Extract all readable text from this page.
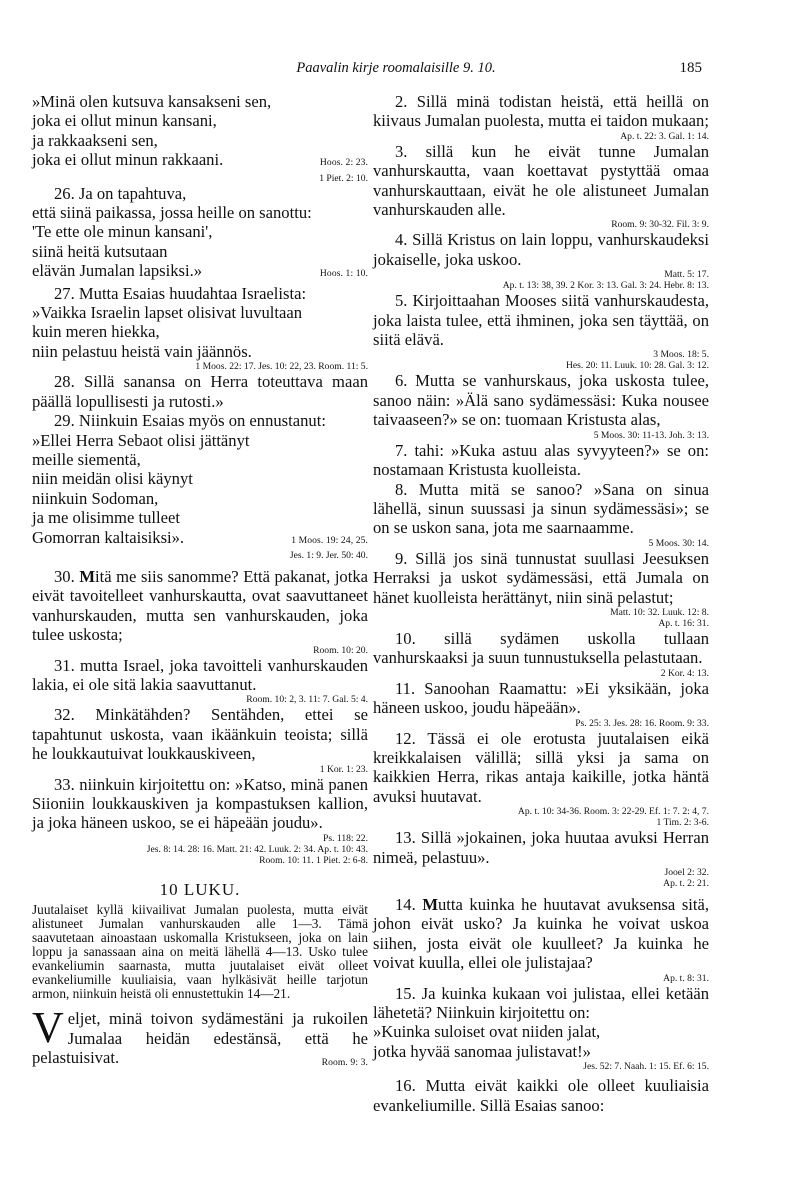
Paavalin kirje roomalaisille 9. 10.	185

»Minä olen kutsuva kansakseni sen,

joka ei ollut minun kansani,

ja rakkaakseni sen,

joka ei ollut minun rakkaani.	Hoos. 2: 23.

1 Piet. 2: 10.

26. Ja on tapahtuva,

että siinä paikassa, jossa heille on sanottu:

'Te ette ole minun kansani',

siinä heitä kutsutaan

elävän Jumalan lapsiksi.»	Hoos. 1: 10.

27. Mutta Esaias huudahtaa Israelista:

»Vaikka Israelin lapset olisivat luvultaan

kuin meren hiekka,

niin pelastuu heistä vain jäännös.

1 Moos. 22: 17. Jes. 10: 22, 23. Room. 11: 5.

28. Sillä sanansa on Herra toteuttava maan päällä lopullisesti ja rutosti.»

29. Niinkuin Esaias myös on ennustanut:

»Ellei Herra Sebaot olisi jättänyt

meille siementä,

niin meidän olisi käynyt

niinkuin Sodoman,

ja me olisimme tulleet

Gomorran kaltaisiksi».	1 Moos. 19: 24, 25.

Jes. 1: 9. Jer. 50: 40.

30. Mitä me siis sanomme? Että pakanat, jotka eivät tavoitelleet vanhurskautta, ovat saavuttaneet vanhurskauden, mutta sen vanhurskauden, joka tulee uskosta;

Room. 10: 20.

31. mutta Israel, joka tavoitteli vanhurskauden lakia, ei ole sitä lakia saavuttanut.

Room. 10: 2, 3. 11: 7. Gal. 5: 4.

32. Minkätähden? Sentähden, ettei se tapahtunut uskosta, vaan ikäänkuin teoista; sillä he loukkautuivat loukkauskiveen,

1 Kor. 1: 23.

33. niinkuin kirjoitettu on: »Katso, minä panen Siioniin loukkauskiven ja kompastuksen kallion, ja joka häneen uskoo, se ei häpeään joudu».

Ps. 118: 22.

Jes. 8: 14. 28: 16. Matt. 21: 42. Luuk. 2: 34. Ap. t. 10: 43.

Room. 10: 11. 1 Piet. 2: 6-8.

10 LUKU.

Juutalaiset kyllä kiivailivat Jumalan puolesta, mutta eivät alistuneet Jumalan vanhurskauden alle 1—3. Tämä saavutetaan ainoastaan uskomalla Kristukseen, joka on lain loppu ja sanassaan aina on meitä lähellä 4—13. Usko tulee evankeliumin saarnasta, mutta juutalaiset eivät olleet evankeliumille kuuliaisia, vaan hylkäsivät heille tarjotun armon, niinkuin heistä oli ennustettukin 14—21.

Veljet, minä toivon sydämestäni ja rukoilen Jumalaa heidän edestänsä, että he pelastuisivat.	Room. 9: 3.

2. Sillä minä todistan heistä, että heillä on kiivaus Jumalan puolesta, mutta ei taidon mukaan;

Ap. t. 22: 3. Gal. 1: 14.

3. sillä kun he eivät tunne Jumalan vanhurskautta, vaan koettavat pystyttää omaa vanhurskauttaan, eivät he ole alistuneet Jumalan vanhurskauden alle.

Room. 9: 30-32. Fil. 3: 9.

4. Sillä Kristus on lain loppu, vanhurskaudeksi jokaiselle, joka uskoo.

Matt. 5: 17.

Ap. t. 13: 38, 39. 2 Kor. 3: 13. Gal. 3: 24. Hebr. 8: 13.

5. Kirjoittaahan Mooses siitä vanhurskaudesta, joka laista tulee, että ihminen, joka sen täyttää, on siitä elävä.

3 Moos. 18: 5.

Hes. 20: 11. Luuk. 10: 28. Gal. 3: 12.

6. Mutta se vanhurskaus, joka uskosta tulee, sanoo näin: »Älä sano sydämessäsi: Kuka nousee taivaaseen?» se on: tuomaan Kristusta alas,

5 Moos. 30: 11-13. Joh. 3: 13.

7. tahi: »Kuka astuu alas syvyyteen?» se on: nostamaan Kristusta kuolleista.

8. Mutta mitä se sanoo? »Sana on sinua lähellä, sinun suussasi ja sinun sydämessäsi»; se on se uskon sana, jota me saarnaamme.

5 Moos. 30: 14.

9. Sillä jos sinä tunnustat suullasi Jeesuksen Herraksi ja uskot sydämessäsi, että Jumala on hänet kuolleista herättänyt, niin sinä pelastut;

Matt. 10: 32. Luuk. 12: 8.

Ap. t. 16: 31.

10. sillä sydämen uskolla tullaan vanhurskaaksi ja suun tunnustuksella pelastutaan.

2 Kor. 4: 13.

11. Sanoohan Raamattu: »Ei yksikään, joka häneen uskoo, joudu häpeään».

Ps. 25: 3. Jes. 28: 16. Room. 9: 33.

12. Tässä ei ole erotusta juutalaisen eikä kreikkalaisen välillä; sillä yksi ja sama on kaikkien Herra, rikas antaja kaikille, jotka häntä avuksi huutavat.

Ap. t. 10: 34-36. Room. 3: 22-29. Ef. 1: 7. 2: 4, 7.

1 Tim. 2: 3-6.

13. Sillä »jokainen, joka huutaa avuksi Herran nimeä, pelastuu».

Jooel 2: 32.

Ap. t. 2: 21.

14. Mutta kuinka he huutavat avuksensa sitä, johon eivät usko? Ja kuinka he voivat uskoa siihen, josta eivät ole kuulleet? Ja kuinka he voivat kuulla, ellei ole julistajaa?

Ap. t. 8: 31.

15. Ja kuinka kukaan voi julistaa, ellei ketään lähetetä? Niinkuin kirjoitettu on:

»Kuinka suloiset ovat niiden jalat,

jotka hyvää sanomaa julistavat!»

Jes. 52: 7. Naah. 1: 15. Ef. 6: 15.

16. Mutta eivät kaikki ole olleet kuuliaisia evankeliumille. Sillä Esaias sanoo:
